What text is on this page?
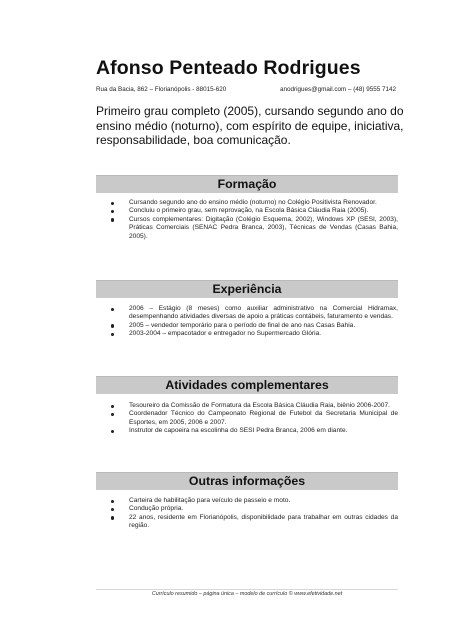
Afonso Penteado Rodrigues
Rua da Bacia, 862 – Florianópolis - 88015-620	anodrigues@gmail.com – (48) 9555 7142
Primeiro grau completo (2005), cursando segundo ano do ensino médio (noturno), com espírito de equipe, iniciativa, responsabilidade, boa comunicação.
Formação
Cursando segundo ano do ensino médio (noturno) no Colégio Positivista Renovador.
Concluiu o primeiro grau, sem reprovação, na Escola Básica Cláudia Raia (2005).
Cursos complementares: Digitação (Colégio Esquema, 2002), Windows XP (SESI, 2003), Práticas Comerciais (SENAC Pedra Branca, 2003), Técnicas de Vendas (Casas Bahia, 2005).
Experiência
2006 – Estágio (8 meses) como auxiliar administrativo na Comercial Hidramax, desempenhando atividades diversas de apoio a práticas contábeis, faturamento e vendas.
2005 – vendedor temporário para o período de final de ano nas Casas Bahia.
2003-2004 – empacotador e entregador no Supermercado Glória.
Atividades complementares
Tesoureiro da Comissão de Formatura da Escola Básica Cláudia Raia, biênio 2006-2007.
Coordenador Técnico do Campeonato Regional de Futebol da Secretaria Municipal de Esportes, em 2005, 2006 e 2007.
Instrutor de capoeira na escolinha do SESI Pedra Branca, 2006 em diante.
Outras informações
Carteira de habilitação para veículo de passeio e moto.
Condução própria.
22 anos, residente em Florianópolis, disponibilidade para trabalhar em outras cidades da região.
Currículo resumido – página única – modelo de currículo © www.efetividade.net
